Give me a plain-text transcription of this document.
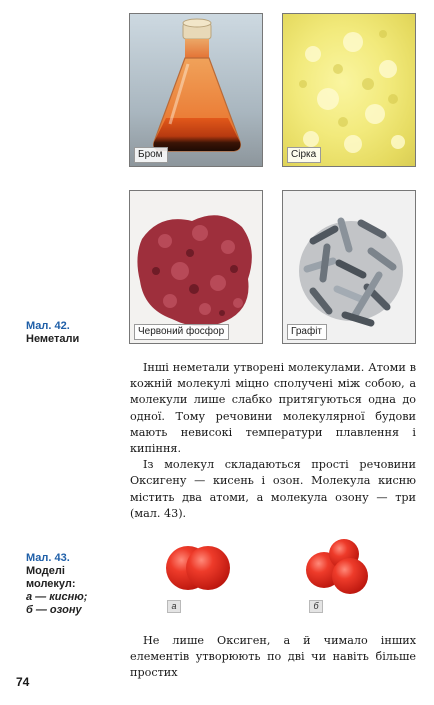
Бром	Сірка
Червоний фосфор	Графіт
Мал. 42.
Неметали

Інші неметали утворені молекулами. Атоми в кожній молекулі міцно сполучені між собою, а молекули лише слабко притягуються одна до одної. Тому речовини молекулярної будови мають невисокі температури плавлення і кипіння.

Із молекул складаються прості речовини Оксигену — кисень і озон. Молекула кисню містить два атоми, а молекула озону — три (мал. 43).

Мал. 43.
Моделі
молекул:
а — кисню;
б — озону	а	б

Не лише Оксиген, а й чимало інших елементів утворюють по дві чи навіть більше простих

74
